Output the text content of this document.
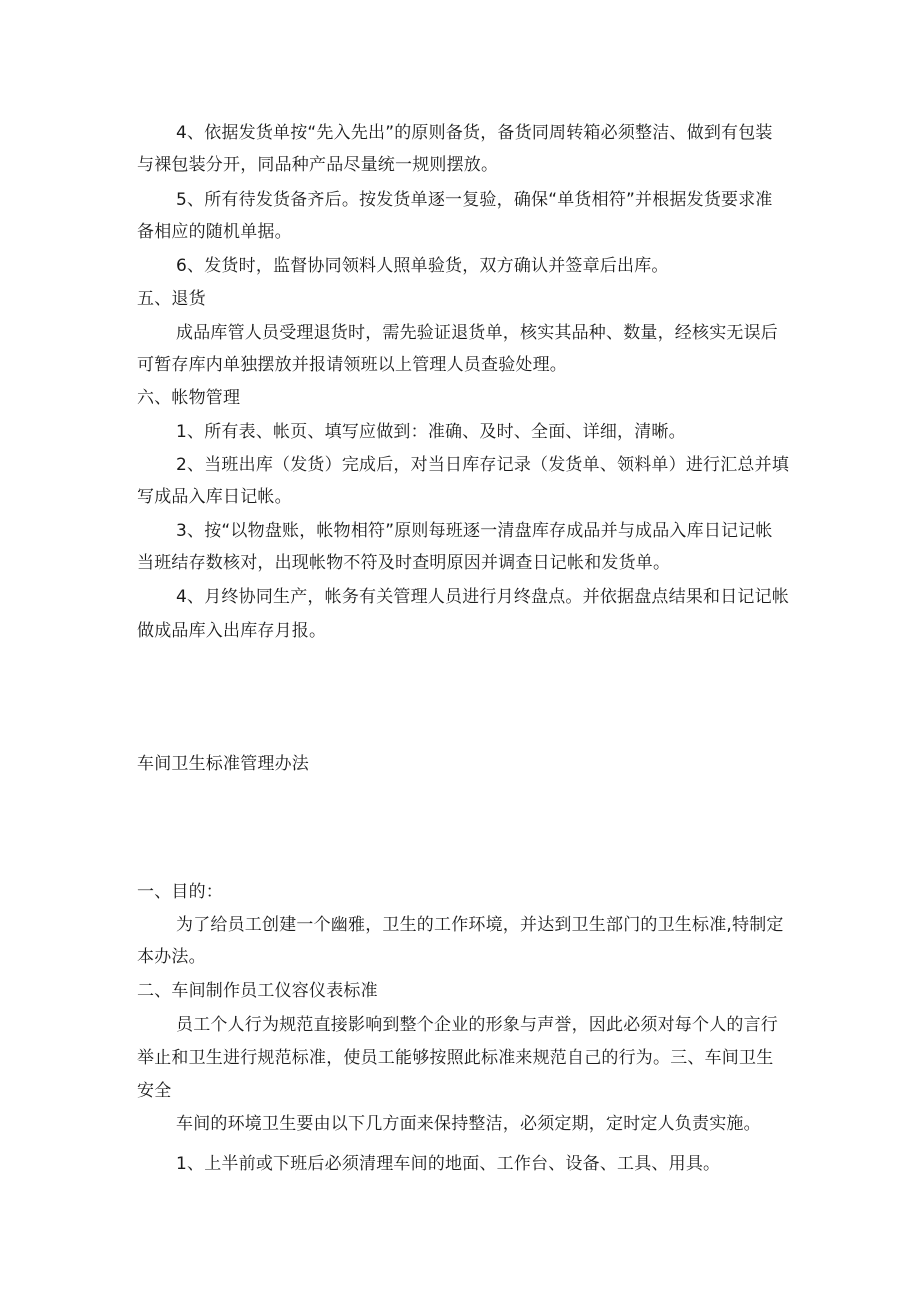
4、依据发货单按“先入先出”的原则备货，备货同周转箱必须整洁、做到有包装
与裸包装分开，同品种产品尽量统一规则摆放。
5、所有待发货备齐后。按发货单逐一复验，确保“单货相符”并根据发货要求准
备相应的随机单据。
6、发货时，监督协同领料人照单验货，双方确认并签章后出库。
五、退货
成品库管人员受理退货时，需先验证退货单，核实其品种、数量，经核实无误后
可暂存库内单独摆放并报请领班以上管理人员查验处理。
六、帐物管理
1、所有表、帐页、填写应做到：准确、及时、全面、详细，清晰。
2、当班出库（发货）完成后，对当日库存记录（发货单、领料单）进行汇总并填
写成品入库日记帐。
3、按“以物盘账，帐物相符”原则每班逐一清盘库存成品并与成品入库日记记帐
当班结存数核对，出现帐物不符及时查明原因并调查日记帐和发货单。
4、月终协同生产，帐务有关管理人员进行月终盘点。并依据盘点结果和日记记帐
做成品库入出库存月报。
车间卫生标准管理办法
一、目的：
为了给员工创建一个幽雅，卫生的工作环境，并达到卫生部门的卫生标准,特制定
本办法。
二、车间制作员工仪容仪表标准
员工个人行为规范直接影响到整个企业的形象与声誉，因此必须对每个人的言行
举止和卫生进行规范标准，使员工能够按照此标准来规范自己的行为。三、车间卫生
安全
车间的环境卫生要由以下几方面来保持整洁，必须定期，定时定人负责实施。
1、上半前或下班后必须清理车间的地面、工作台、设备、工具、用具。
